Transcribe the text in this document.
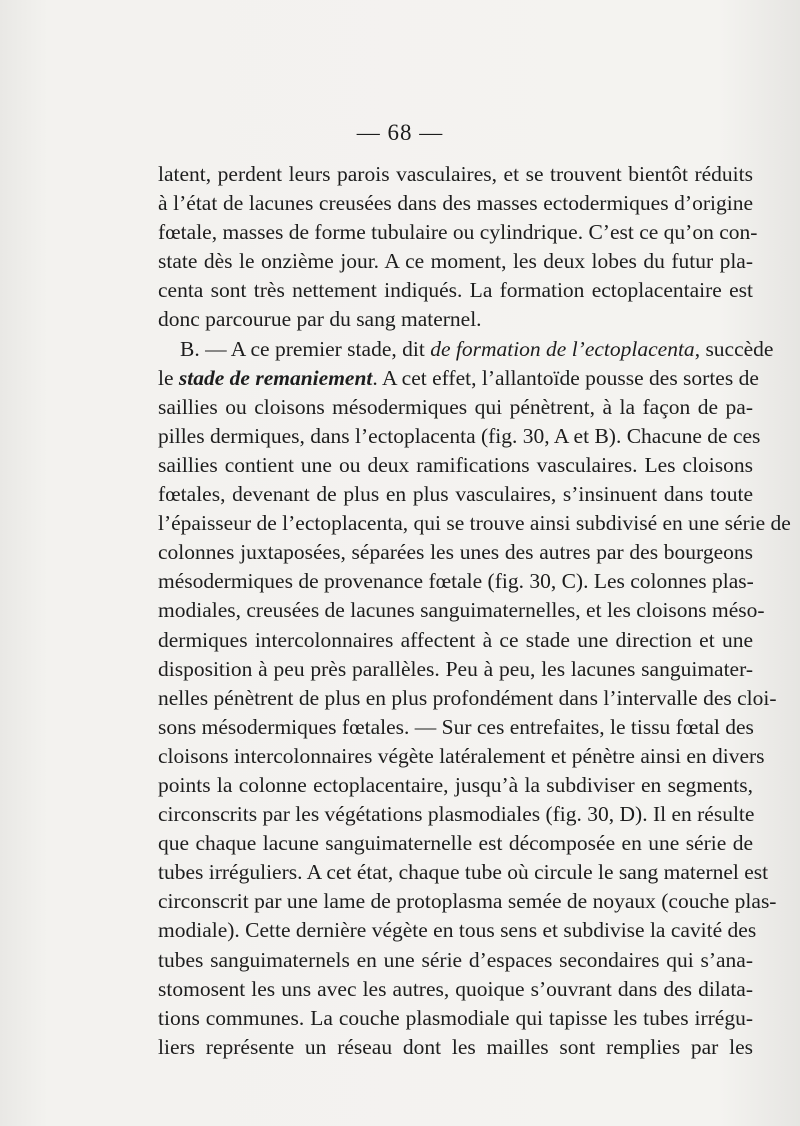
— 68 —
latent, perdent leurs parois vasculaires, et se trouvent bientôt réduits
à l’état de lacunes creusées dans des masses ectodermiques d’origine
fœtale, masses de forme tubulaire ou cylindrique. C’est ce qu’on con-
state dès le onzième jour. A ce moment, les deux lobes du futur pla-
centa sont très nettement indiqués. La formation ectoplacentaire est
donc parcourue par du sang maternel.
B. — A ce premier stade, dit de formation de l’ectoplacenta, succède
le stade de remaniement. A cet effet, l’allantoïde pousse des sortes de
saillies ou cloisons mésodermiques qui pénètrent, à la façon de pa-
pilles dermiques, dans l’ectoplacenta (fig. 30, A et B). Chacune de ces
saillies contient une ou deux ramifications vasculaires. Les cloisons
fœtales, devenant de plus en plus vasculaires, s’insinuent dans toute
l’épaisseur de l’ectoplacenta, qui se trouve ainsi subdivisé en une série de
colonnes juxtaposées, séparées les unes des autres par des bourgeons
mésodermiques de provenance fœtale (fig. 30, C). Les colonnes plas-
modiales, creusées de lacunes sanguimaternelles, et les cloisons méso-
dermiques intercolonnaires affectent à ce stade une direction et une
disposition à peu près parallèles. Peu à peu, les lacunes sanguimater-
nelles pénètrent de plus en plus profondément dans l’intervalle des cloi-
sons mésodermiques fœtales. — Sur ces entrefaites, le tissu fœtal des
cloisons intercolonnaires végète latéralement et pénètre ainsi en divers
points la colonne ectoplacentaire, jusqu’à la subdiviser en segments,
circonscrits par les végétations plasmodiales (fig. 30, D). Il en résulte
que chaque lacune sanguimaternelle est décomposée en une série de
tubes irréguliers. A cet état, chaque tube où circule le sang maternel est
circonscrit par une lame de protoplasma semée de noyaux (couche plas-
modiale). Cette dernière végète en tous sens et subdivise la cavité des
tubes sanguimaternels en une série d’espaces secondaires qui s’ana-
stomosent les uns avec les autres, quoique s’ouvrant dans des dilata-
tions communes. La couche plasmodiale qui tapisse les tubes irrégu-
liers représente un réseau dont les mailles sont remplies par les
